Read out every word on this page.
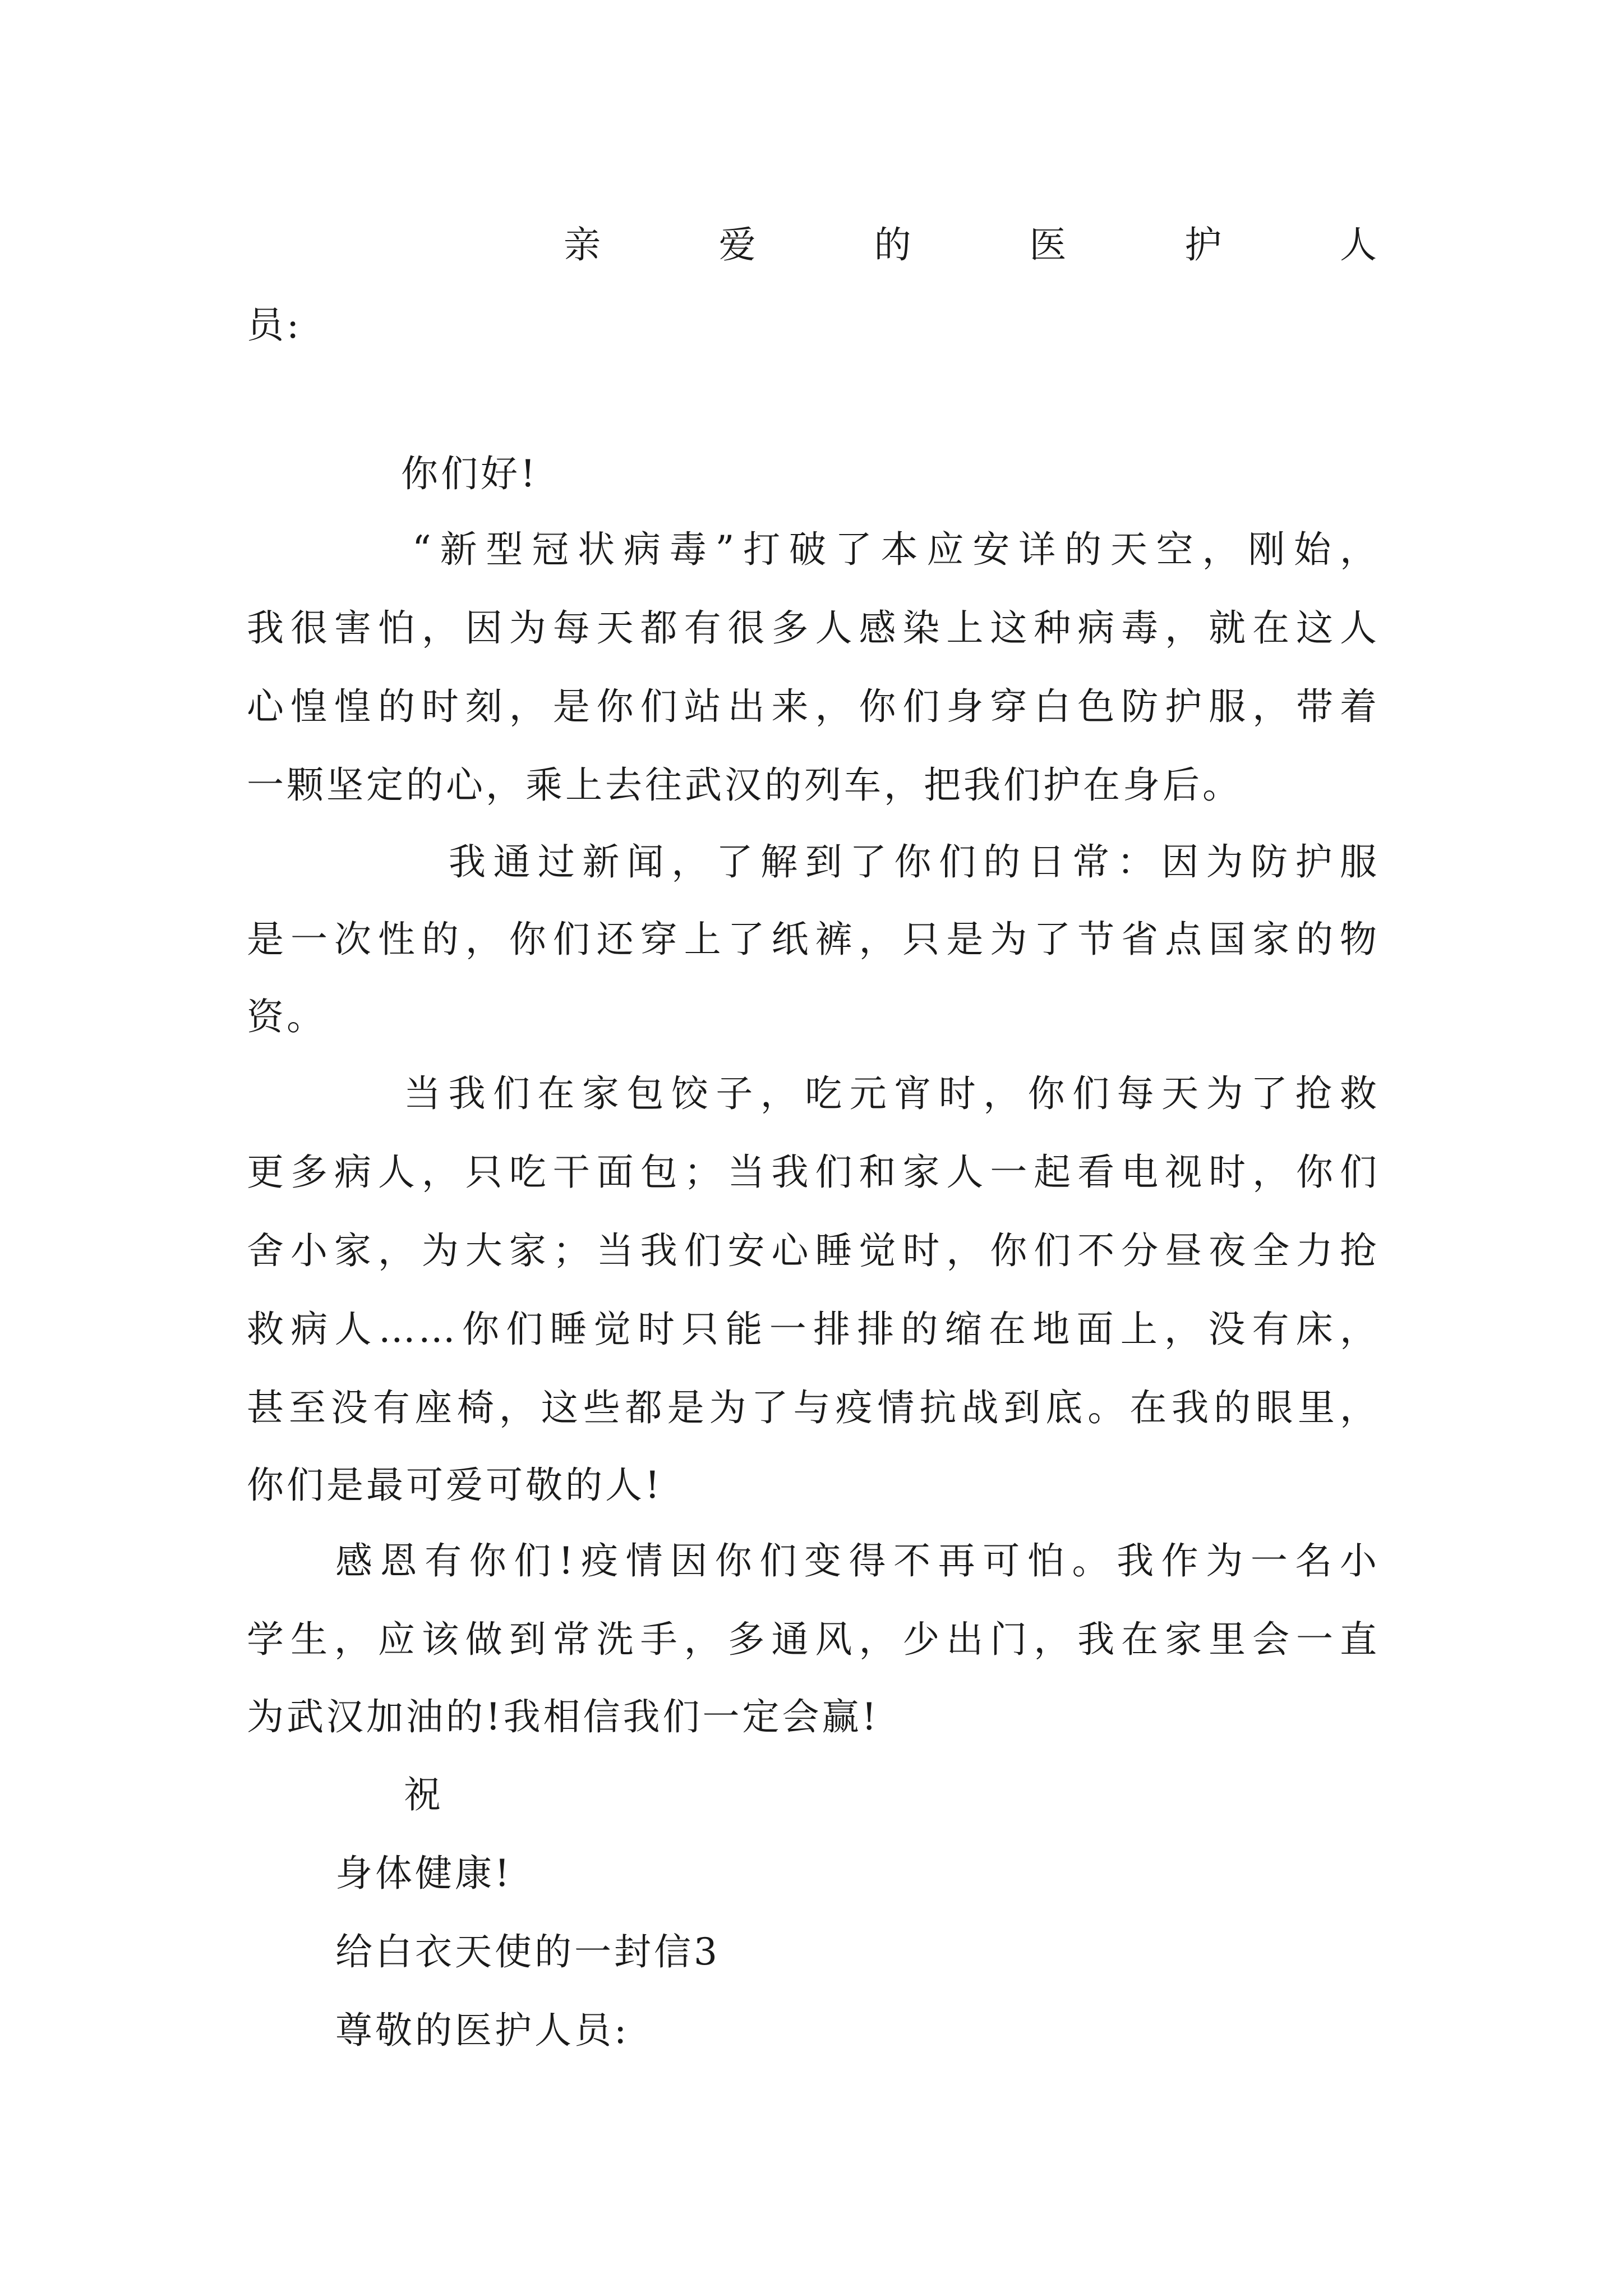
亲	爱	的	医	护	人
员:
你们好!
“新型冠状病毒”打破了本应安详的天空，刚始，
我很害怕，因为每天都有很多人感染上这种病毒，就在这人
心惶惶的时刻，是你们站出来，你们身穿白色防护服，带着
一颗坚定的心，乘上去往武汉的列车，把我们护在身后。
我通过新闻，了解到了你们的日常：因为防护服
是一次性的，你们还穿上了纸裤，只是为了节省点国家的物
资。
当我们在家包饺子，吃元宵时，你们每天为了抢救
更多病人，只吃干面包；当我们和家人一起看电视时，你们
舍小家，为大家；当我们安心睡觉时，你们不分昼夜全力抢
救病人……你们睡觉时只能一排排的缩在地面上，没有床，
甚至没有座椅，这些都是为了与疫情抗战到底。在我的眼里，
你们是最可爱可敬的人!
感恩有你们!疫情因你们变得不再可怕。我作为一名小
学生，应该做到常洗手，多通风，少出门，我在家里会一直
为武汉加油的!我相信我们一定会赢!
祝
身体健康!
给白衣天使的一封信3
尊敬的医护人员:
